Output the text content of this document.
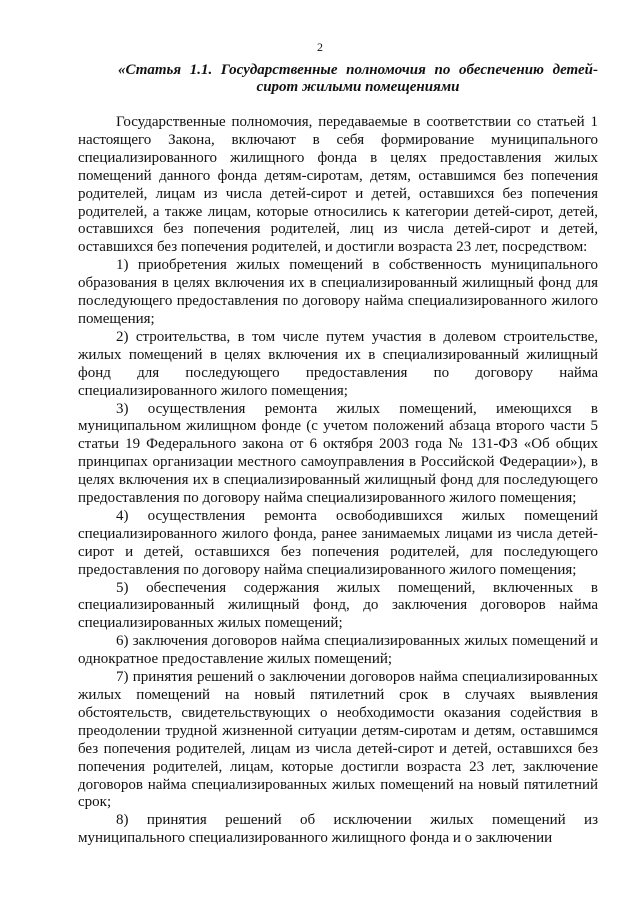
2
«Статья 1.1. Государственные полномочия по обеспечению детей-сирот жилыми помещениями

Государственные полномочия, передаваемые в соответствии со статьей 1 настоящего Закона, включают в себя формирование муниципального специализированного жилищного фонда в целях предоставления жилых помещений данного фонда детям-сиротам, детям, оставшимся без попечения родителей, лицам из числа детей-сирот и детей, оставшихся без попечения родителей, а также лицам, которые относились к категории детей-сирот, детей, оставшихся без попечения родителей, лиц из числа детей-сирот и детей, оставшихся без попечения родителей, и достигли возраста 23 лет, посредством:

1) приобретения жилых помещений в собственность муниципального образования в целях включения их в специализированный жилищный фонд для последующего предоставления по договору найма специализированного жилого помещения;

2) строительства, в том числе путем участия в долевом строительстве, жилых помещений в целях включения их в специализированный жилищный фонд для последующего предоставления по договору найма специализированного жилого помещения;

3) осуществления ремонта жилых помещений, имеющихся в муниципальном жилищном фонде (с учетом положений абзаца второго части 5 статьи 19 Федерального закона от 6 октября 2003 года № 131-ФЗ «Об общих принципах организации местного самоуправления в Российской Федерации»), в целях включения их в специализированный жилищный фонд для последующего предоставления по договору найма специализированного жилого помещения;

4) осуществления ремонта освободившихся жилых помещений специализированного жилого фонда, ранее занимаемых лицами из числа детей-сирот и детей, оставшихся без попечения родителей, для последующего предоставления по договору найма специализированного жилого помещения;

5) обеспечения содержания жилых помещений, включенных в специализированный жилищный фонд, до заключения договоров найма специализированных жилых помещений;

6) заключения договоров найма специализированных жилых помещений и однократное предоставление жилых помещений;

7) принятия решений о заключении договоров найма специализированных жилых помещений на новый пятилетний срок в случаях выявления обстоятельств, свидетельствующих о необходимости оказания содействия в преодолении трудной жизненной ситуации детям-сиротам и детям, оставшимся без попечения родителей, лицам из числа детей-сирот и детей, оставшихся без попечения родителей, лицам, которые достигли возраста 23 лет, заключение договоров найма специализированных жилых помещений на новый пятилетний срок;

8) принятия решений об исключении жилых помещений из муниципального специализированного жилищного фонда и о заключении
